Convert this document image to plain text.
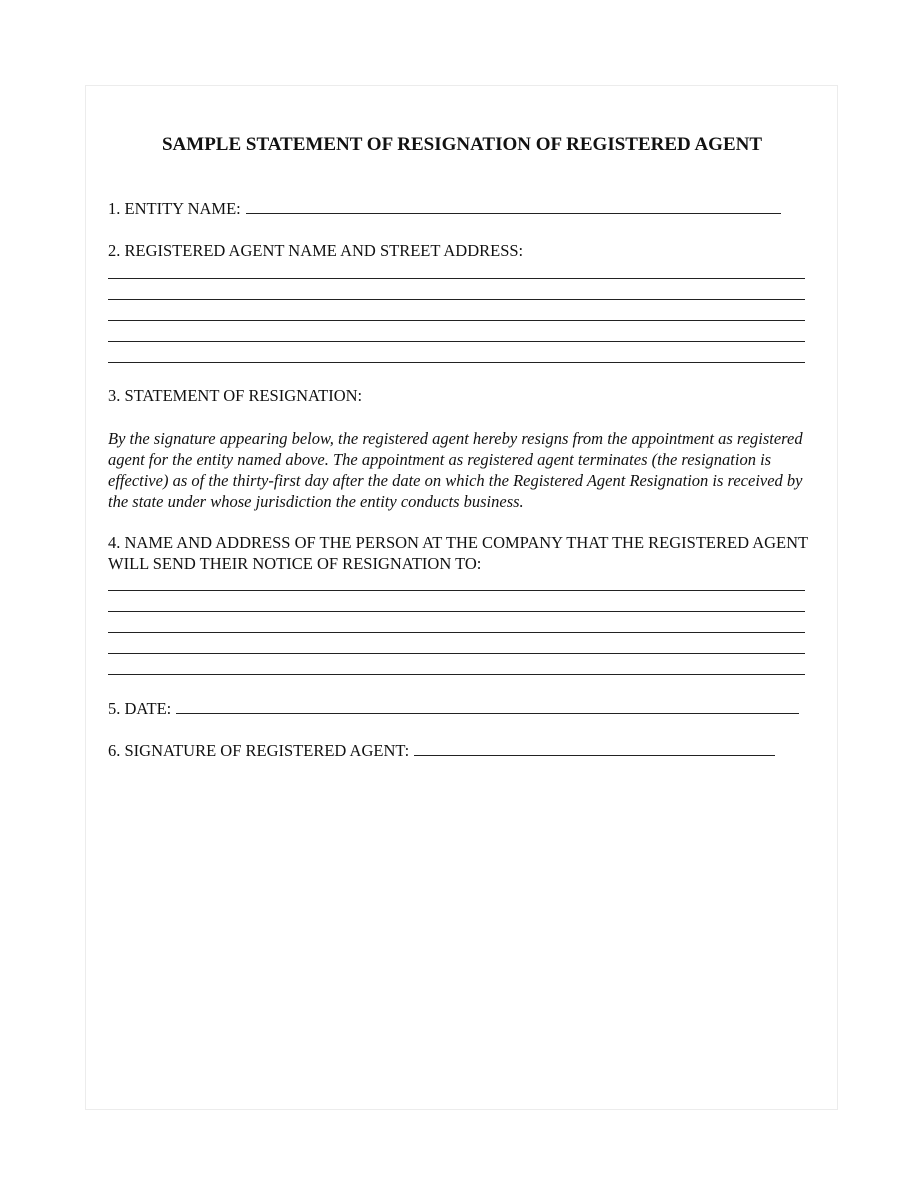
SAMPLE STATEMENT OF RESIGNATION OF REGISTERED AGENT
1. ENTITY NAME:
2. REGISTERED AGENT NAME AND STREET ADDRESS:
3. STATEMENT OF RESIGNATION:
By the signature appearing below, the registered agent hereby resigns from the appointment as registered agent for the entity named above. The appointment as registered agent terminates (the resignation is effective) as of the thirty-first day after the date on which the Registered Agent Resignation is received by the state under whose jurisdiction the entity conducts business.
4. NAME AND ADDRESS OF THE PERSON AT THE COMPANY THAT THE REGISTERED AGENT WILL SEND THEIR NOTICE OF RESIGNATION TO:
5. DATE:
6. SIGNATURE OF REGISTERED AGENT:
